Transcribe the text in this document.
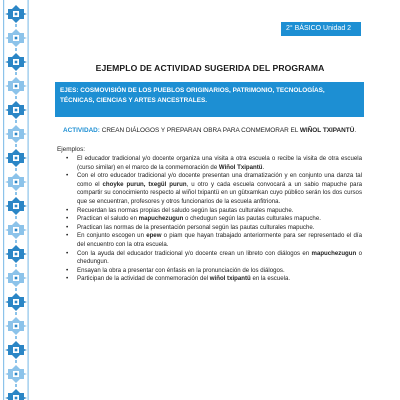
2° BÁSICO Unidad 2
EJEMPLO DE ACTIVIDAD SUGERIDA DEL PROGRAMA
EJES: COSMOVISIÓN DE LOS PUEBLOS ORIGINARIOS, PATRIMONIO, TECNOLOGÍAS, TÉCNICAS, CIENCIAS Y ARTES ANCESTRALES.
ACTIVIDAD: CREAN DIÁLOGOS Y PREPARAN OBRA PARA CONMEMORAR EL WIÑOL TXIPANTÜ.
Ejemplos:
• El educador tradicional y/o docente organiza una visita a otra escuela o recibe la visita de otra escuela (curso similar) en el marco de la conmemoración de Wiñol Txipantü.
• Con el otro educador tradicional y/o docente presentan una dramatización y en conjunto una danza tal como el choyke purun, txegül purun, u otro y cada escuela convocará a un sabio mapuche para compartir su conocimiento respecto al wiñol txipantü en un gütxamkan cuyo público serán los dos cursos que se encuentran, profesores y otros funcionarios de la escuela anfitriona.
• Recuerdan las normas propias del saludo según las pautas culturales mapuche.
• Practican el saludo en mapuchezugun o chedugun según las pautas culturales mapuche.
• Practican las normas de la presentación personal según las pautas culturales mapuche.
• En conjunto escogen un epew o piam que hayan trabajado anteriormente para ser representado el día del encuentro con la otra escuela.
• Con la ayuda del educador tradicional y/o docente crean un libreto con diálogos en mapuchezugun o chedungun.
• Ensayan la obra a presentar con énfasis en la pronunciación de los diálogos.
• Participan de la actividad de conmemoración del wiñol txipantü en la escuela.
